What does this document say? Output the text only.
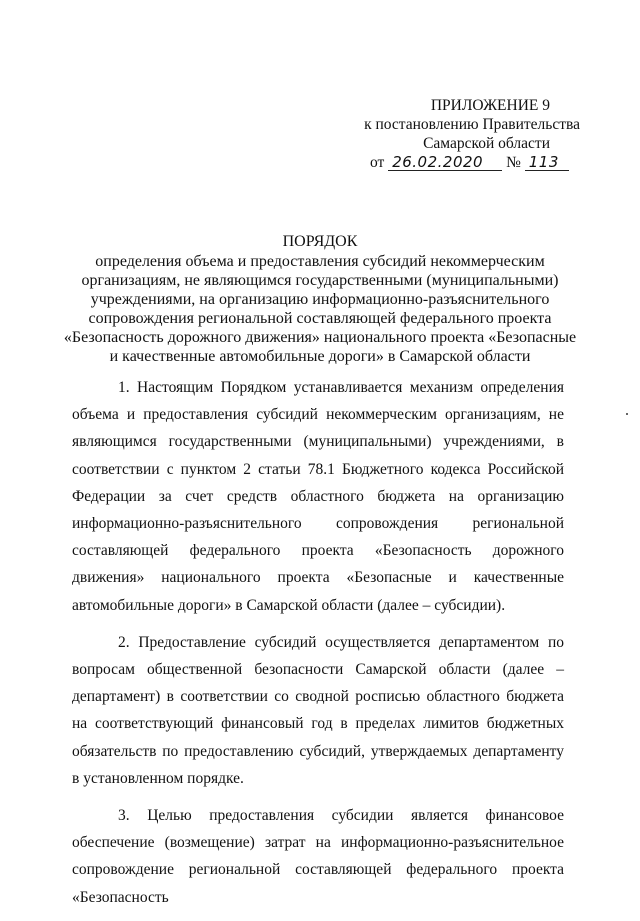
ПРИЛОЖЕНИЕ 9
к постановлению Правительства
Самарской области
от 26.02.2020 № 113
ПОРЯДОК
определения объема и предоставления субсидий некоммерческим
организациям, не являющимся государственными (муниципальными)
учреждениями, на организацию информационно-разъяснительного
сопровождения региональной составляющей федерального проекта
«Безопасность дорожного движения» национального проекта «Безопасные
и качественные автомобильные дороги» в Самарской области

1. Настоящим Порядком устанавливается механизм определения объема и предоставления субсидий некоммерческим организациям, не являющимся государственными (муниципальными) учреждениями, в соответствии с пунктом 2 статьи 78.1 Бюджетного кодекса Российской Федерации за счет средств областного бюджета на организацию информационно-разъяснительного сопровождения региональной составляющей федерального проекта «Безопасность дорожного движения» национального проекта «Безопасные и качественные автомобильные дороги» в Самарской области (далее – субсидии).

2. Предоставление субсидий осуществляется департаментом по вопросам общественной безопасности Самарской области (далее – департамент) в соответствии со сводной росписью областного бюджета на соответствующий финансовый год в пределах лимитов бюджетных обязательств по предоставлению субсидий, утверждаемых департаменту в установленном порядке.

3. Целью предоставления субсидии является финансовое обеспечение (возмещение) затрат на информационно-разъяснительное сопровождение региональной составляющей федерального проекта «Безопасность
